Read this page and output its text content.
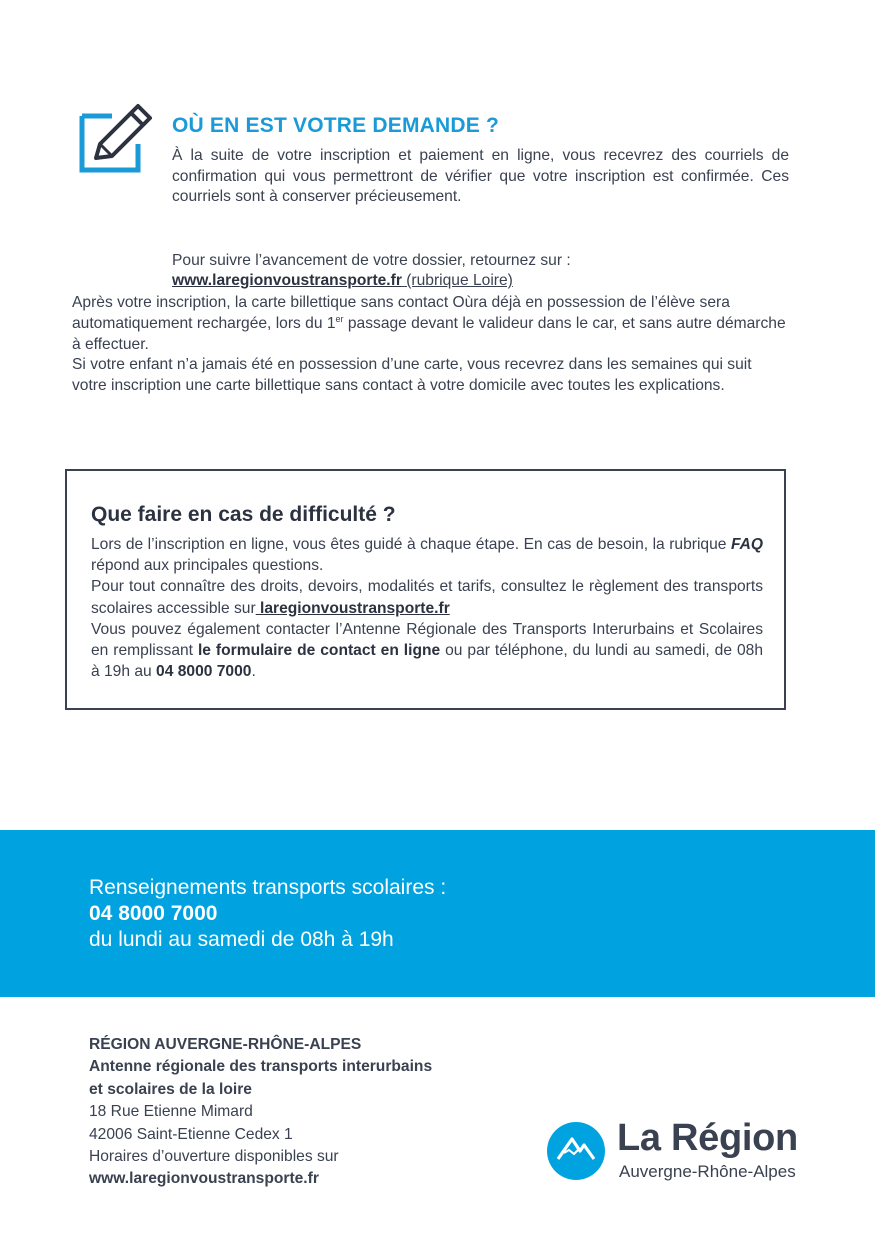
OÙ EN EST VOTRE DEMANDE ?
À la suite de votre inscription et paiement en ligne, vous recevrez des courriels de confirmation qui vous permettront de vérifier que votre inscription est confirmée. Ces courriels sont à conserver précieusement.

Pour suivre l’avancement de votre dossier, retournez sur :
www.laregionvoustransporte.fr (rubrique Loire)
Après votre inscription, la carte billettique sans contact Oùra déjà en possession de l’élève sera automatiquement rechargée, lors du 1er passage devant le valideur dans le car, et sans autre démarche à effectuer.
Si votre enfant n’a jamais été en possession d’une carte, vous recevrez dans les semaines qui suit votre inscription une carte billettique sans contact à votre domicile avec toutes les explications.
Que faire en cas de difficulté ?
Lors de l’inscription en ligne, vous êtes guidé à chaque étape. En cas de besoin, la rubrique FAQ répond aux principales questions.
Pour tout connaître des droits, devoirs, modalités et tarifs, consultez le règlement des transports scolaires accessible sur laregionvoustransporte.fr
Vous pouvez également contacter l’Antenne Régionale des Transports Interurbains et Scolaires en remplissant le formulaire de contact en ligne ou par téléphone, du lundi au samedi, de 08h à 19h au 04 8000 7000.
Renseignements transports scolaires :
04 8000 7000
du lundi au samedi de 08h à 19h
RÉGION AUVERGNE-RHÔNE-ALPES
Antenne régionale des transports interurbains
et scolaires de la loire
18 Rue Etienne Mimard
42006 Saint-Etienne Cedex 1
Horaires d’ouverture disponibles sur
www.laregionvoustransporte.fr
La Région
Auvergne-Rhône-Alpes
